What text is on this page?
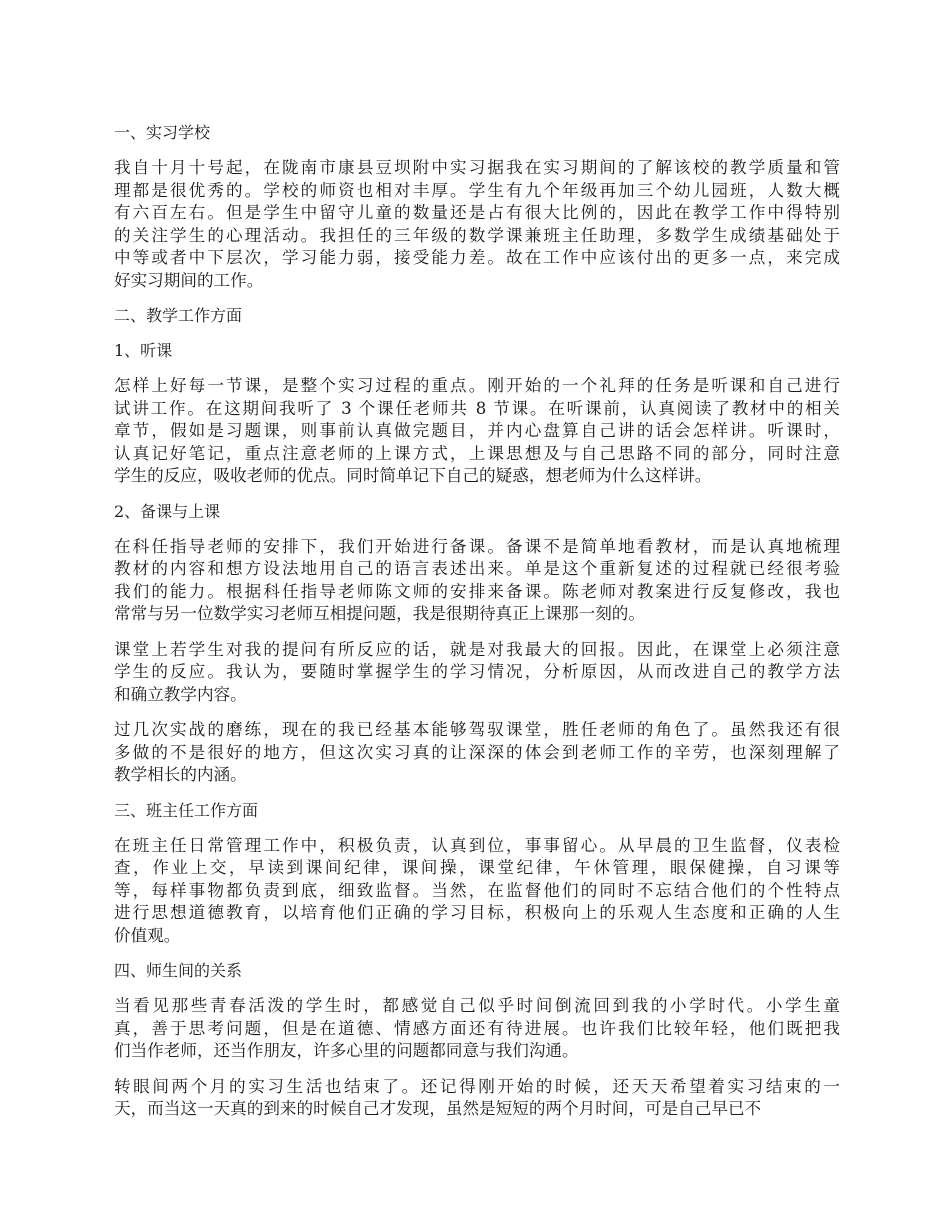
一、实习学校
我自十月十号起，在陇南市康县豆坝附中实习据我在实习期间的了解该校的教学质量和管
理都是很优秀的。学校的师资也相对丰厚。学生有九个年级再加三个幼儿园班，人数大概
有六百左右。但是学生中留守儿童的数量还是占有很大比例的，因此在教学工作中得特别
的关注学生的心理活动。我担任的三年级的数学课兼班主任助理，多数学生成绩基础处于
中等或者中下层次，学习能力弱，接受能力差。故在工作中应该付出的更多一点，来完成
好实习期间的工作。
二、教学工作方面
1、听课
怎样上好每一节课，是整个实习过程的重点。刚开始的一个礼拜的任务是听课和自己进行
试讲工作。在这期间我听了 3 个课任老师共 8 节课。在听课前，认真阅读了教材中的相关
章节，假如是习题课，则事前认真做完题目，并内心盘算自己讲的话会怎样讲。听课时，
认真记好笔记，重点注意老师的上课方式，上课思想及与自己思路不同的部分，同时注意
学生的反应，吸收老师的优点。同时简单记下自己的疑惑，想老师为什么这样讲。
2、备课与上课
在科任指导老师的安排下，我们开始进行备课。备课不是简单地看教材，而是认真地梳理
教材的内容和想方设法地用自己的语言表述出来。单是这个重新复述的过程就已经很考验
我们的能力。根据科任指导老师陈文师的安排来备课。陈老师对教案进行反复修改，我也
常常与另一位数学实习老师互相提问题，我是很期待真正上课那一刻的。
课堂上若学生对我的提问有所反应的话，就是对我最大的回报。因此，在课堂上必须注意
学生的反应。我认为，要随时掌握学生的学习情况，分析原因，从而改进自己的教学方法
和确立教学内容。
过几次实战的磨练，现在的我已经基本能够驾驭课堂，胜任老师的角色了。虽然我还有很
多做的不是很好的地方，但这次实习真的让深深的体会到老师工作的辛劳，也深刻理解了
教学相长的内涵。
三、班主任工作方面
在班主任日常管理工作中，积极负责，认真到位，事事留心。从早晨的卫生监督，仪表检
查，作业上交，早读到课间纪律，课间操，课堂纪律，午休管理，眼保健操，自习课等
等，每样事物都负责到底，细致监督。当然，在监督他们的同时不忘结合他们的个性特点
进行思想道德教育，以培育他们正确的学习目标，积极向上的乐观人生态度和正确的人生
价值观。
四、师生间的关系
当看见那些青春活泼的学生时，都感觉自己似乎时间倒流回到我的小学时代。小学生童
真，善于思考问题，但是在道德、情感方面还有待进展。也许我们比较年轻，他们既把我
们当作老师，还当作朋友，许多心里的问题都同意与我们沟通。
转眼间两个月的实习生活也结束了。还记得刚开始的时候，还天天希望着实习结束的一
天，而当这一天真的到来的时候自己才发现，虽然是短短的两个月时间，可是自己早已不
